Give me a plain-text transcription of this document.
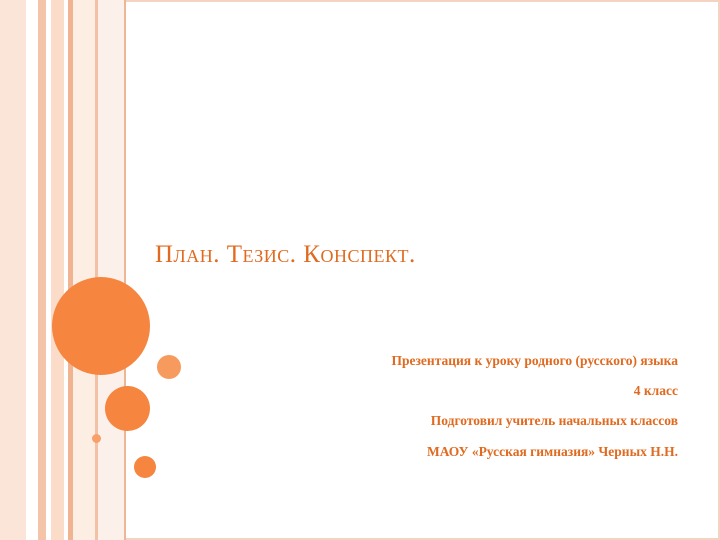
План. Тезис. Конспект.

Презентация к уроку родного (русского) языка

4 класс

Подготовил учитель начальных классов

МАОУ «Русская гимназия» Черных Н.Н.
